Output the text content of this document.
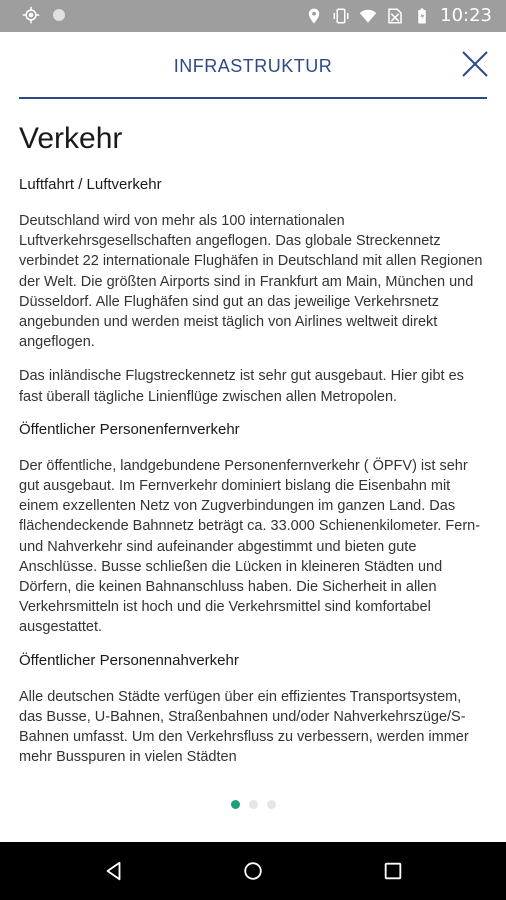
10:23
INFRASTRUKTUR
Verkehr
Luftfahrt / Luftverkehr

Deutschland wird von mehr als 100 internationalen Luftverkehrsgesellschaften angeflogen. Das globale Streckennetz verbindet 22 internationale Flughäfen in Deutschland mit allen Regionen der Welt. Die größten Airports sind in Frankfurt am Main, München und Düsseldorf. Alle Flughäfen sind gut an das jeweilige Verkehrsnetz angebunden und werden meist täglich von Airlines weltweit direkt angeflogen.

Das inländische Flugstreckennetz ist sehr gut ausgebaut. Hier gibt es fast überall tägliche Linienflüge zwischen allen Metropolen.

Öffentlicher Personenfernverkehr

Der öffentliche, landgebundene Personenfernverkehr ( ÖPFV) ist sehr gut ausgebaut. Im Fernverkehr dominiert bislang die Eisenbahn mit einem exzellenten Netz von Zugverbindungen im ganzen Land. Das flächendeckende Bahnnetz beträgt ca. 33.000 Schienenkilometer. Fern- und Nahverkehr sind aufeinander abgestimmt und bieten gute Anschlüsse. Busse schließen die Lücken in kleineren Städten und Dörfern, die keinen Bahnanschluss haben. Die Sicherheit in allen Verkehrsmitteln ist hoch und die Verkehrsmittel sind komfortabel ausgestattet.

Öffentlicher Personennahverkehr

Alle deutschen Städte verfügen über ein effizientes Transportsystem, das Busse, U-Bahnen, Straßenbahnen und/oder Nahverkehrszüge/S-Bahnen umfasst. Um den Verkehrsfluss zu verbessern, werden immer mehr Busspuren in vielen Städten
